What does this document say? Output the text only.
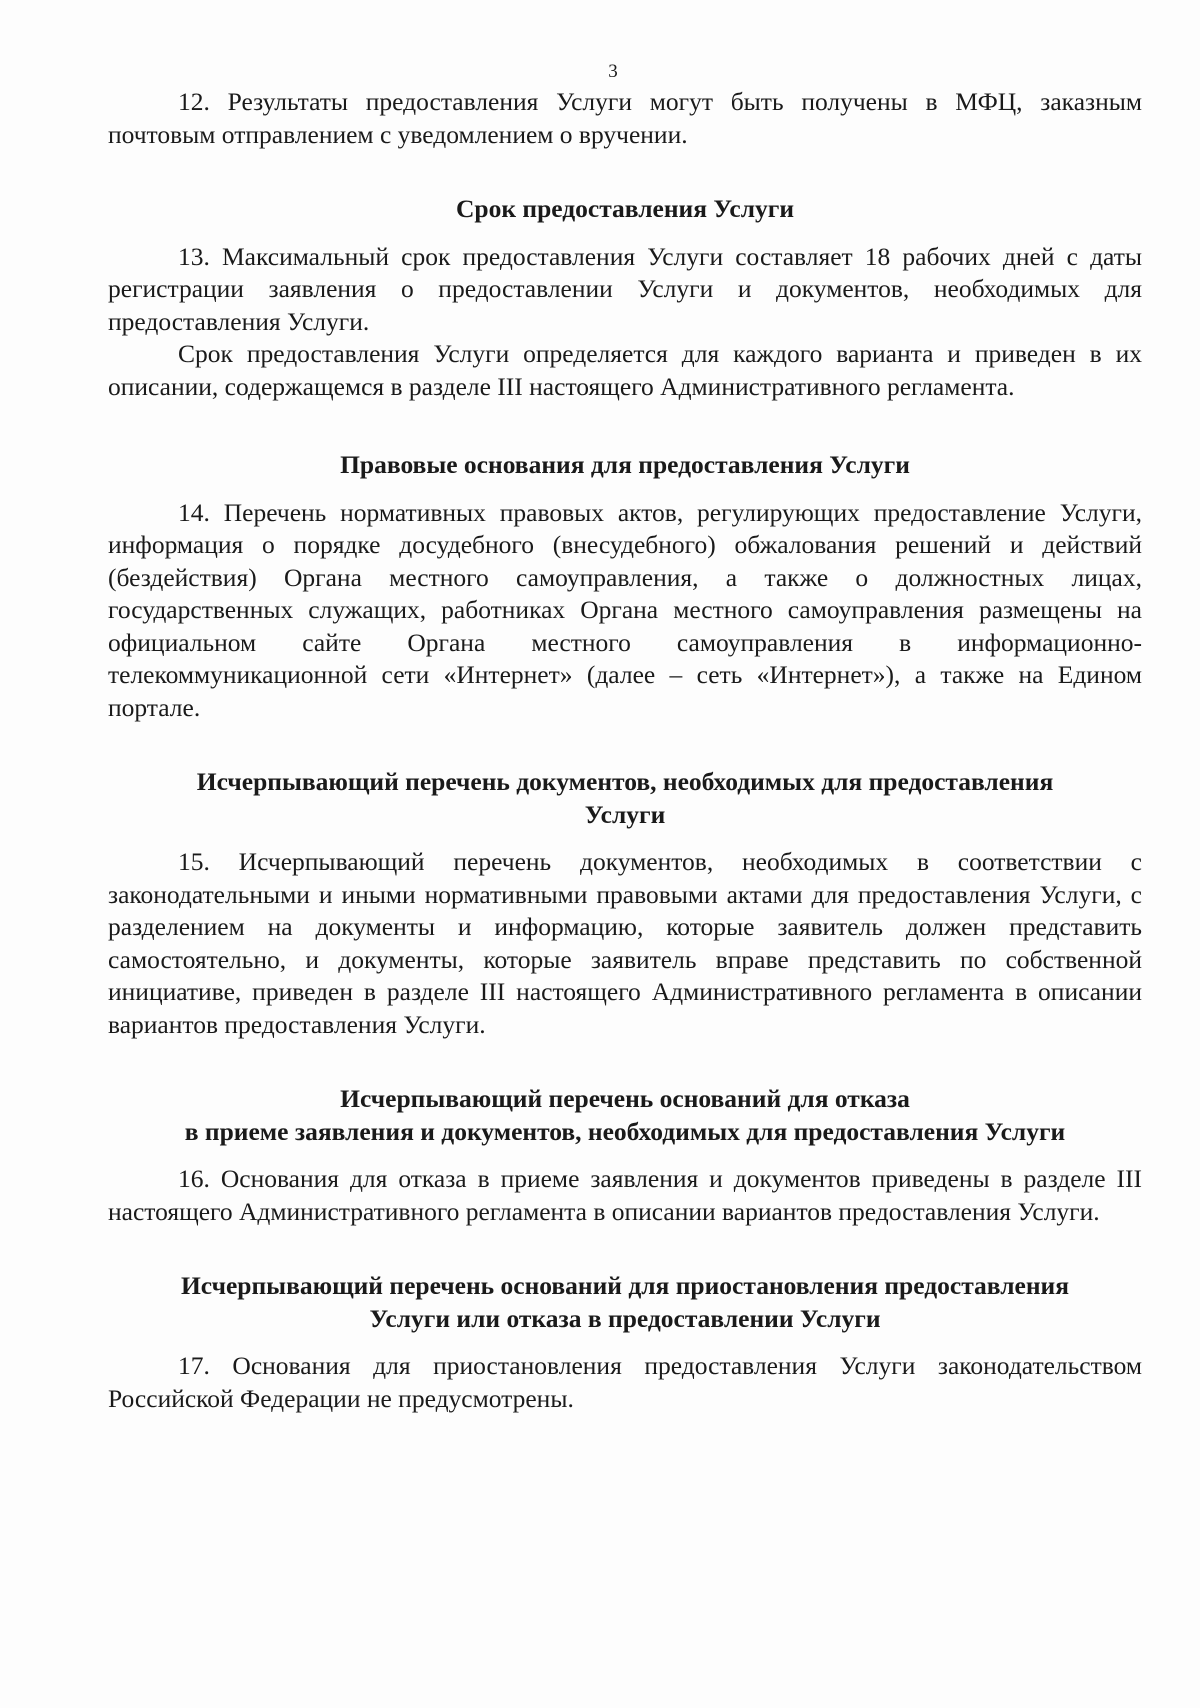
3

12. Результаты предоставления Услуги могут быть получены в МФЦ, заказным почтовым отправлением с уведомлением о вручении.

Срок предоставления Услуги

13. Максимальный срок предоставления Услуги составляет 18 рабочих дней с даты регистрации заявления о предоставлении Услуги и документов, необходимых для предоставления Услуги.

Срок предоставления Услуги определяется для каждого варианта и приведен в их описании, содержащемся в разделе III настоящего Административного регламента.

Правовые основания для предоставления Услуги

14. Перечень нормативных правовых актов, регулирующих предоставление Услуги, информация о порядке досудебного (внесудебного) обжалования решений и действий (бездействия) Органа местного самоуправления, а также о должностных лицах, государственных служащих, работниках Органа местного самоуправления размещены на официальном сайте Органа местного самоуправления в информационно-телекоммуникационной сети «Интернет» (далее – сеть «Интернет»), а также на Едином портале.

Исчерпывающий перечень документов, необходимых для предоставления
Услуги

15. Исчерпывающий перечень документов, необходимых в соответствии с законодательными и иными нормативными правовыми актами для предоставления Услуги, с разделением на документы и информацию, которые заявитель должен представить самостоятельно, и документы, которые заявитель вправе представить по собственной инициативе, приведен в разделе III настоящего Административного регламента в описании вариантов предоставления Услуги.

Исчерпывающий перечень оснований для отказа
в приеме заявления и документов, необходимых для предоставления Услуги

16. Основания для отказа в приеме заявления и документов приведены в разделе III настоящего Административного регламента в описании вариантов предоставления Услуги.

Исчерпывающий перечень оснований для приостановления предоставления
Услуги или отказа в предоставлении Услуги

17. Основания для приостановления предоставления Услуги законодательством Российской Федерации не предусмотрены.
